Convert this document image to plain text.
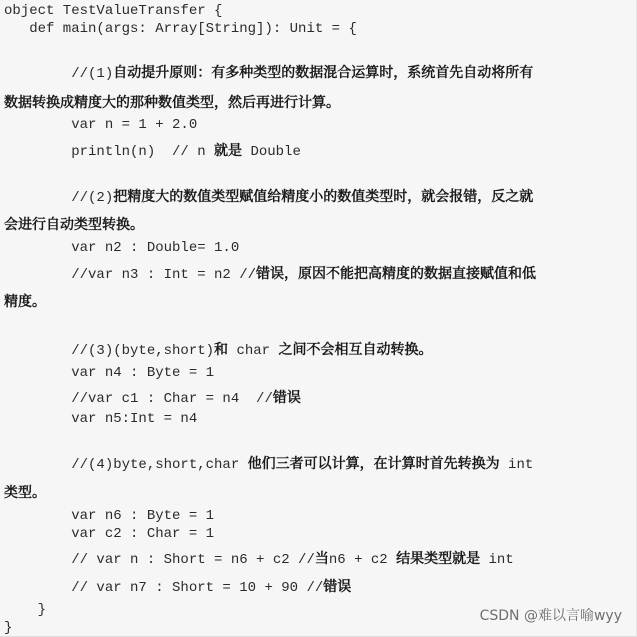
object TestValueTransfer {
def main(args: Array[String]): Unit = {
//(1)自动提升原则：有多种类型的数据混合运算时，系统首先自动将所有
数据转换成精度大的那种数值类型，然后再进行计算。
var n = 1 + 2.0
println(n)  // n 就是 Double
//(2)把精度大的数值类型赋值给精度小的数值类型时，就会报错，反之就
会进行自动类型转换。
var n2 : Double= 1.0
//var n3 : Int = n2 //错误，原因不能把高精度的数据直接赋值和低
精度。
//(3)(byte,short)和 char 之间不会相互自动转换。
var n4 : Byte = 1
//var c1 : Char = n4  //错误
var n5:Int = n4
//(4)byte,short,char 他们三者可以计算，在计算时首先转换为 int
类型。
var n6 : Byte = 1
var c2 : Char = 1
// var n : Short = n6 + c2 //当n6 + c2 结果类型就是 int
// var n7 : Short = 10 + 90 //错误
}
}
CSDN @难以言喻wyy
